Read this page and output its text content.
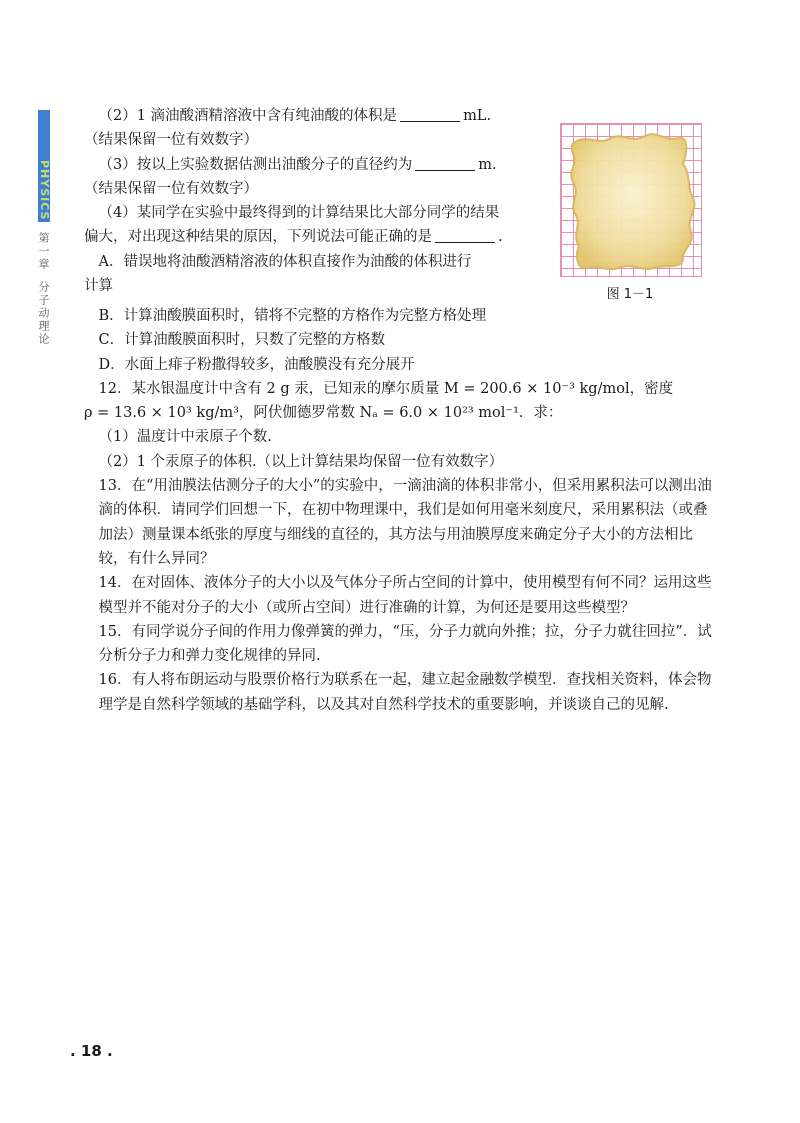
PHYSICS
第一章分子动理论

（2）1 滴油酸酒精溶液中含有纯油酸的体积是	mL.

（结果保留一位有效数字）

（3）按以上实验数据估测出油酸分子的直径约为	m.

（结果保留一位有效数字）

（4）某同学在实验中最终得到的计算结果比大部分同学的结果

偏大，对出现这种结果的原因，下列说法可能正确的是	.

A．错误地将油酸酒精溶液的体积直接作为油酸的体积进行

计算

图 1－1

B．计算油酸膜面积时，错将不完整的方格作为完整方格处理

C．计算油酸膜面积时，只数了完整的方格数

D．水面上痱子粉撒得较多，油酸膜没有充分展开

12．某水银温度计中含有 2 g 汞，已知汞的摩尔质量 M = 200.6 × 10⁻³ kg/mol，密度

ρ = 13.6 × 10³ kg/m³，阿伏伽德罗常数 Nₐ = 6.0 × 10²³ mol⁻¹．求：

（1）温度计中汞原子个数.

（2）1 个汞原子的体积.（以上计算结果均保留一位有效数字）

13．在“用油膜法估测分子的大小”的实验中，一滴油滴的体积非常小，但采用累积法可以测出油滴的体积．请同学们回想一下，在初中物理课中，我们是如何用毫米刻度尺，采用累积法（或叠加法）测量课本纸张的厚度与细线的直径的，其方法与用油膜厚度来确定分子大小的方法相比较，有什么异同？

14．在对固体、液体分子的大小以及气体分子所占空间的计算中，使用模型有何不同？运用这些模型并不能对分子的大小（或所占空间）进行准确的计算，为何还是要用这些模型？

15．有同学说分子间的作用力像弹簧的弹力，“压，分子力就向外推；拉，分子力就往回拉”．试分析分子力和弹力变化规律的异同.

16．有人将布朗运动与股票价格行为联系在一起，建立起金融数学模型．查找相关资料，体会物理学是自然科学领域的基础学科，以及其对自然科学技术的重要影响，并谈谈自己的见解.

. 18 .
